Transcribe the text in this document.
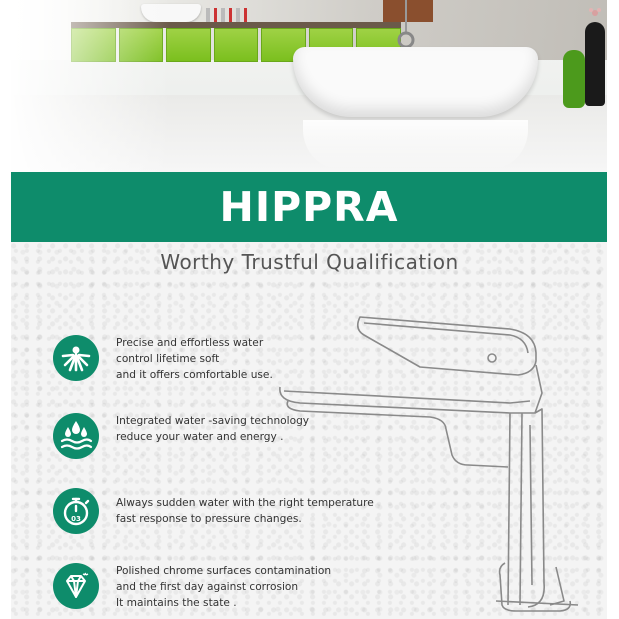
HIPPRA
Worthy Trustful Qualification
Precise and effortless water
control lifetime soft
and it offers comfortable use.
Integrated water -saving technology
reduce your water and energy .
03
Always sudden water with the right temperature
fast response to pressure changes.
Polished chrome surfaces contamination
and the first day against corrosion
It maintains the state .
